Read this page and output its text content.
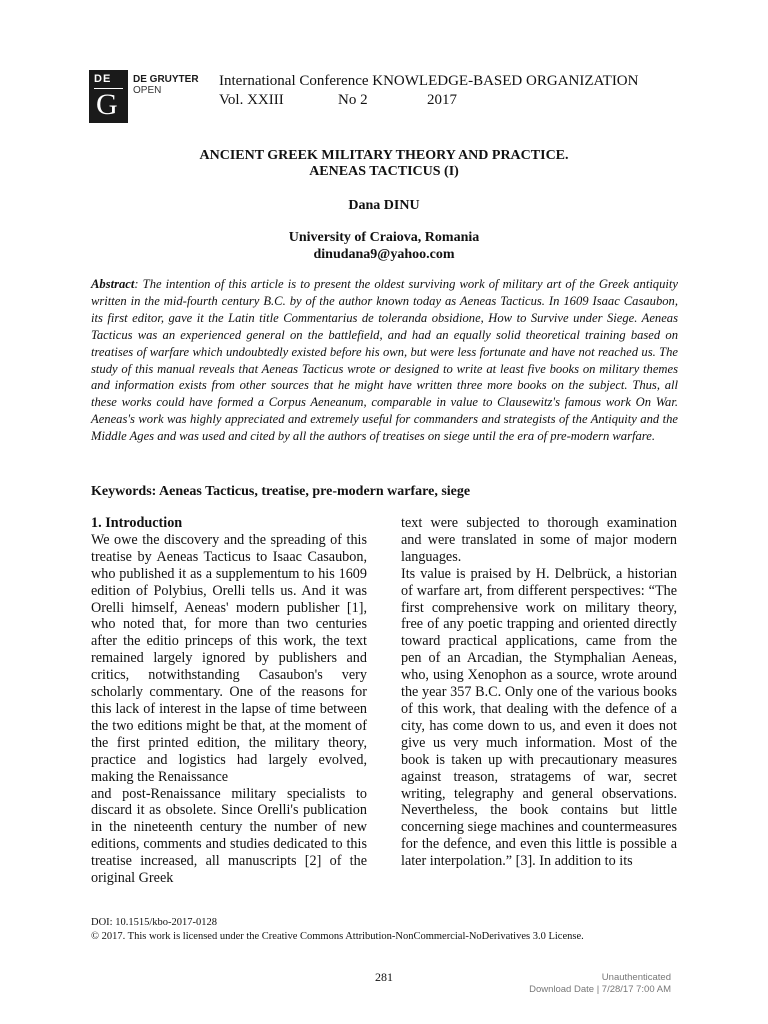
DE
G
DE GRUYTER
OPEN
International Conference KNOWLEDGE-BASED ORGANIZATION
Vol. XXIII	No 2	2017
ANCIENT GREEK MILITARY THEORY AND PRACTICE.
AENEAS TACTICUS (I)
Dana DINU
University of Craiova, Romania
dinudana9@yahoo.com
Abstract: The intention of this article is to present the oldest surviving work of military art of the Greek antiquity written in the mid-fourth century B.C. by of the author known today as Aeneas Tacticus. In 1609 Isaac Casaubon, its first editor, gave it the Latin title Commentarius de toleranda obsidione, How to Survive under Siege. Aeneas Tacticus was an experienced general on the battlefield, and had an equally solid theoretical training based on treatises of warfare which undoubtedly existed before his own, but were less fortunate and have not reached us. The study of this manual reveals that Aeneas Tacticus wrote or designed to write at least five books on military themes and information exists from other sources that he might have written three more books on the subject. Thus, all these works could have formed a Corpus Aeneanum, comparable in value to Clausewitz's famous work On War. Aeneas's work was highly appreciated and extremely useful for commanders and strategists of the Antiquity and the Middle Ages and was used and cited by all the authors of treatises on siege until the era of pre-modern warfare.
Keywords: Aeneas Tacticus, treatise, pre-modern warfare, siege

1. Introduction

We owe the discovery and the spreading of this treatise by Aeneas Tacticus to Isaac Casaubon, who published it as a supplementum to his 1609 edition of Polybius, Orelli tells us. And it was Orelli himself, Aeneas' modern publisher [1], who noted that, for more than two centuries after the editio princeps of this work, the text remained largely ignored by publishers and critics, notwithstanding Casaubon's very scholarly commentary. One of the reasons for this lack of interest in the lapse of time between the two editions might be that, at the moment of the first printed edition, the military theory, practice and logistics had largely evolved, making the Renaissance

and post-Renaissance military specialists to discard it as obsolete. Since Orelli's publication in the nineteenth century the number of new editions, comments and studies dedicated to this treatise increased, all manuscripts [2] of the original Greek

text were subjected to thorough examination and were translated in some of major modern languages.

Its value is praised by H. Delbrück, a historian of warfare art, from different perspectives: “The first comprehensive work on military theory, free of any poetic trapping and oriented directly toward practical applications, came from the pen of an Arcadian, the Stymphalian Aeneas, who, using Xenophon as a source, wrote around the year 357 B.C. Only one of the various books of this work, that dealing with the defence of a city, has come down to us, and even it does not give us very much information. Most of the book is taken up with precautionary measures against treason, stratagems of war, secret writing, telegraphy and general observations. Nevertheless, the book contains but little concerning siege machines and countermeasures for the defence, and even this little is possible a later interpolation.” [3]. In addition to its

DOI: 10.1515/kbo-2017-0128
© 2017. This work is licensed under the Creative Commons Attribution-NonCommercial-NoDerivatives 3.0 License.
281	Unauthenticated
Download Date | 7/28/17 7:00 AM
